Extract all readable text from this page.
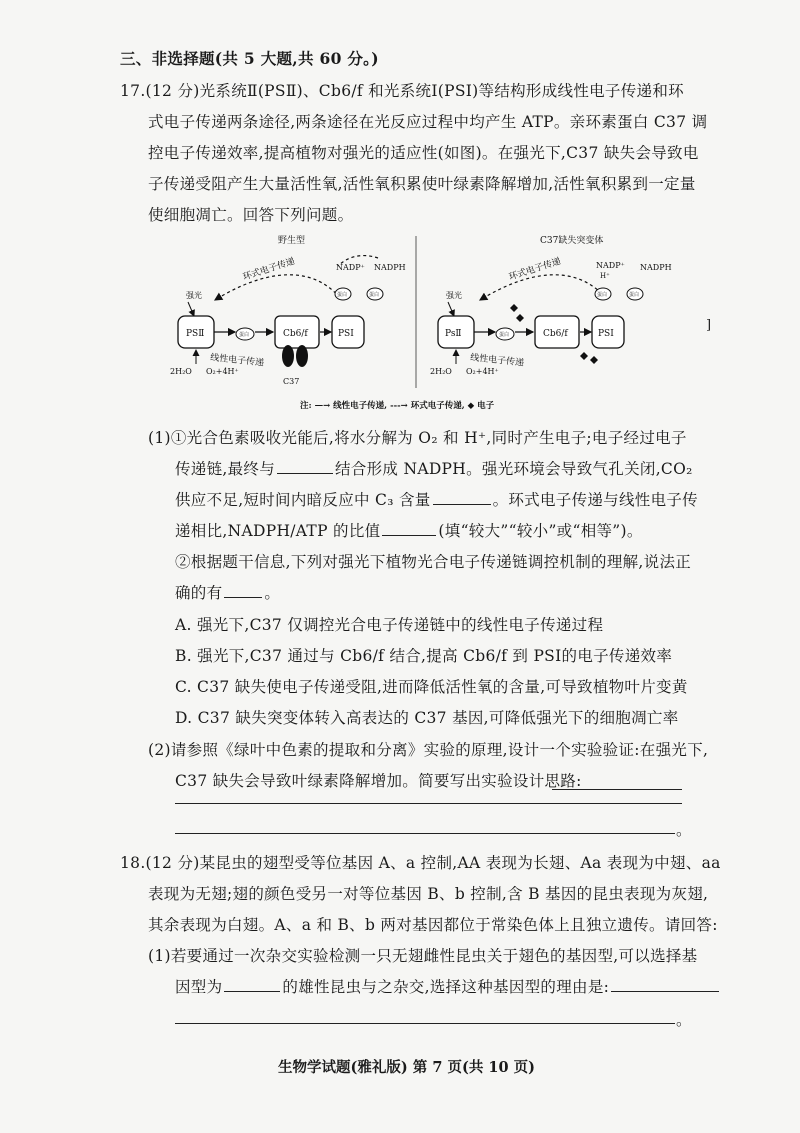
三、非选择题(共 5 大题,共 60 分。)
17.(12 分)光系统Ⅱ(PSⅡ)、Cb6/f 和光系统Ⅰ(PSⅠ)等结构形成线性电子传递和环
式电子传递两条途径,两条途径在光反应过程中均产生 ATP。亲环素蛋白 C37 调
控电子传递效率,提高植物对强光的适应性(如图)。在强光下,C37 缺失会导致电
子传递受阻产生大量活性氧,活性氧积累使叶绿素降解增加,活性氧积累到一定量
使细胞凋亡。回答下列问题。
野生型
环式电子传递
强光
PSⅡ	蛋白	Cb6/f
C37
PSⅠ
蛋白	蛋白
NADP⁺ NADPH
线性电子传递
2H₂O O₂+4H⁺
C37缺失突变体
环式电子传递
强光
PsⅡ	蛋白	Cb6/f	PSⅠ
蛋白	蛋白
NADP⁺
H⁺
NADPH
线性电子传递
2H₂O O₂+4H⁺
注: —→ 线性电子传递, ---→ 环式电子传递, ◆ 电子
]
(1)①光合色素吸收光能后,将水分解为 O₂ 和 H⁺,同时产生电子;电子经过电子
传递链,最终与	结合形成 NADPH。强光环境会导致气孔关闭,CO₂
供应不足,短时间内暗反应中 C₃ 含量	。环式电子传递与线性电子传
递相比,NADPH/ATP 的比值	(填“较大”“较小”或“相等”)。
②根据题干信息,下列对强光下植物光合电子传递链调控机制的理解,说法正
确的有	。
A. 强光下,C37 仅调控光合电子传递链中的线性电子传递过程
B. 强光下,C37 通过与 Cb6/f 结合,提高 Cb6/f 到 PSⅠ的电子传递效率
C. C37 缺失使电子传递受阻,进而降低活性氧的含量,可导致植物叶片变黄
D. C37 缺失突变体转入高表达的 C37 基因,可降低强光下的细胞凋亡率
(2)请参照《绿叶中色素的提取和分离》实验的原理,设计一个实验验证:在强光下,
C37 缺失会导致叶绿素降解增加。简要写出实验设计思路:
。
18.(12 分)某昆虫的翅型受等位基因 A、a 控制,AA 表现为长翅、Aa 表现为中翅、aa
表现为无翅;翅的颜色受另一对等位基因 B、b 控制,含 B 基因的昆虫表现为灰翅,
其余表现为白翅。A、a 和 B、b 两对基因都位于常染色体上且独立遗传。请回答:
(1)若要通过一次杂交实验检测一只无翅雌性昆虫关于翅色的基因型,可以选择基
因型为	的雄性昆虫与之杂交,选择这种基因型的理由是:
。
生物学试题(雅礼版) 第 7 页(共 10 页)
